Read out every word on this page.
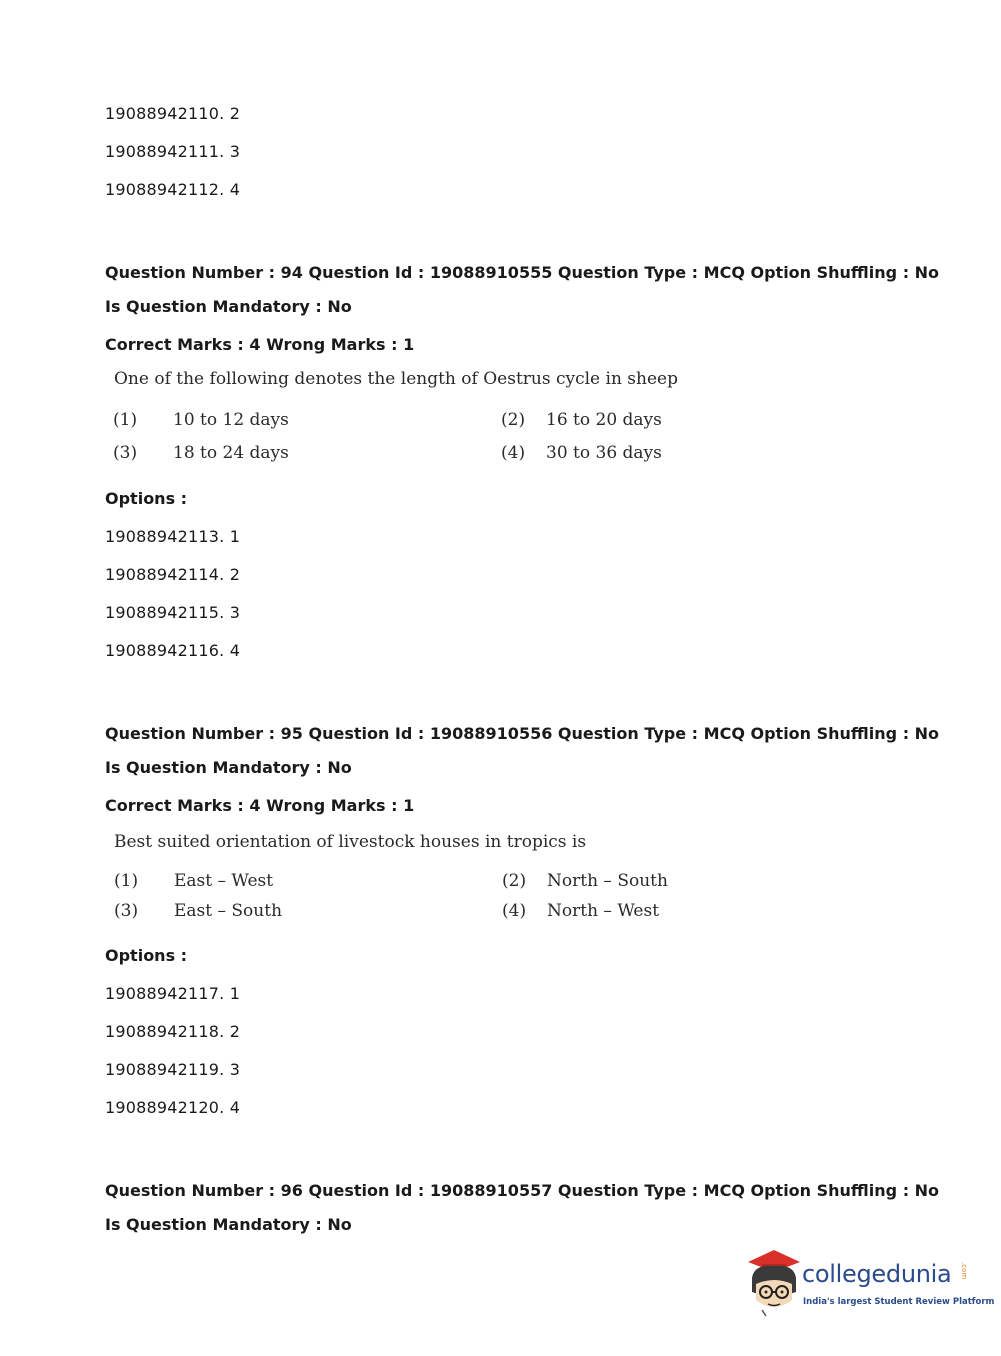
19088942110. 2
19088942111. 3
19088942112. 4
Question Number : 94 Question Id : 19088910555 Question Type : MCQ Option Shuffling : No
Is Question Mandatory : No
Correct Marks : 4 Wrong Marks : 1
One of the following denotes the length of Oestrus cycle in sheep
(1) 10 to 12 days	(2) 16 to 20 days
(3) 18 to 24 days	(4) 30 to 36 days
Options :
19088942113. 1
19088942114. 2
19088942115. 3
19088942116. 4
Question Number : 95 Question Id : 19088910556 Question Type : MCQ Option Shuffling : No
Is Question Mandatory : No
Correct Marks : 4 Wrong Marks : 1
Best suited orientation of livestock houses in tropics is
(1) East – West	(2) North – South
(3) East – South	(4) North – West
Options :
19088942117. 1
19088942118. 2
19088942119. 3
19088942120. 4
Question Number : 96 Question Id : 19088910557 Question Type : MCQ Option Shuffling : No
Is Question Mandatory : No
collegedunia .com
India's largest Student Review Platform
